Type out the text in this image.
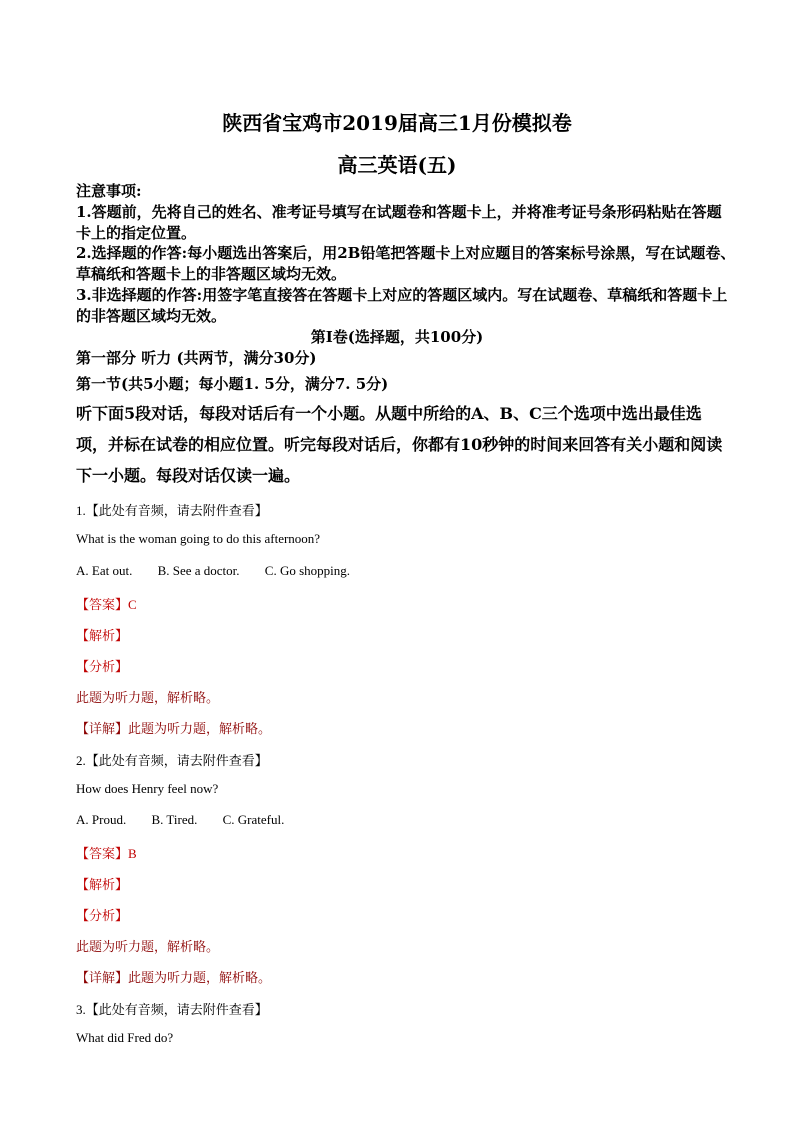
陕西省宝鸡市2019届高三1月份模拟卷
高三英语(五)
注意事项:
1.答题前，先将自己的姓名、准考证号填写在试题卷和答题卡上，并将准考证号条形码粘贴在答题卡上的指定位置。
2.选择题的作答:每小题选出答案后，用2B铅笔把答题卡上对应题目的答案标号涂黑，写在试题卷、草稿纸和答题卡上的非答题区域均无效。
3.非选择题的作答:用签字笔直接答在答题卡上对应的答题区域内。写在试题卷、草稿纸和答题卡上的非答题区域均无效。
第I卷(选择题，共100分)
第一部分 听力 (共两节，满分30分)
第一节(共5小题；每小题1. 5分，满分7. 5分)
听下面5段对话，每段对话后有一个小题。从题中所给的A、B、C三个选项中选出最佳选项，并标在试卷的相应位置。听完每段对话后，你都有10秒钟的时间来回答有关小题和阅读下一小题。每段对话仅读一遍。
1.【此处有音频，请去附件查看】
What is the woman going to do this afternoon?
A. Eat out. B. See a doctor. C. Go shopping.
【答案】C
【解析】
【分析】
此题为听力题，解析略。
【详解】此题为听力题，解析略。
2.【此处有音频，请去附件查看】
How does Henry feel now?
A. Proud. B. Tired. C. Grateful.
【答案】B
【解析】
【分析】
此题为听力题，解析略。
【详解】此题为听力题，解析略。
3.【此处有音频，请去附件查看】
What did Fred do?
